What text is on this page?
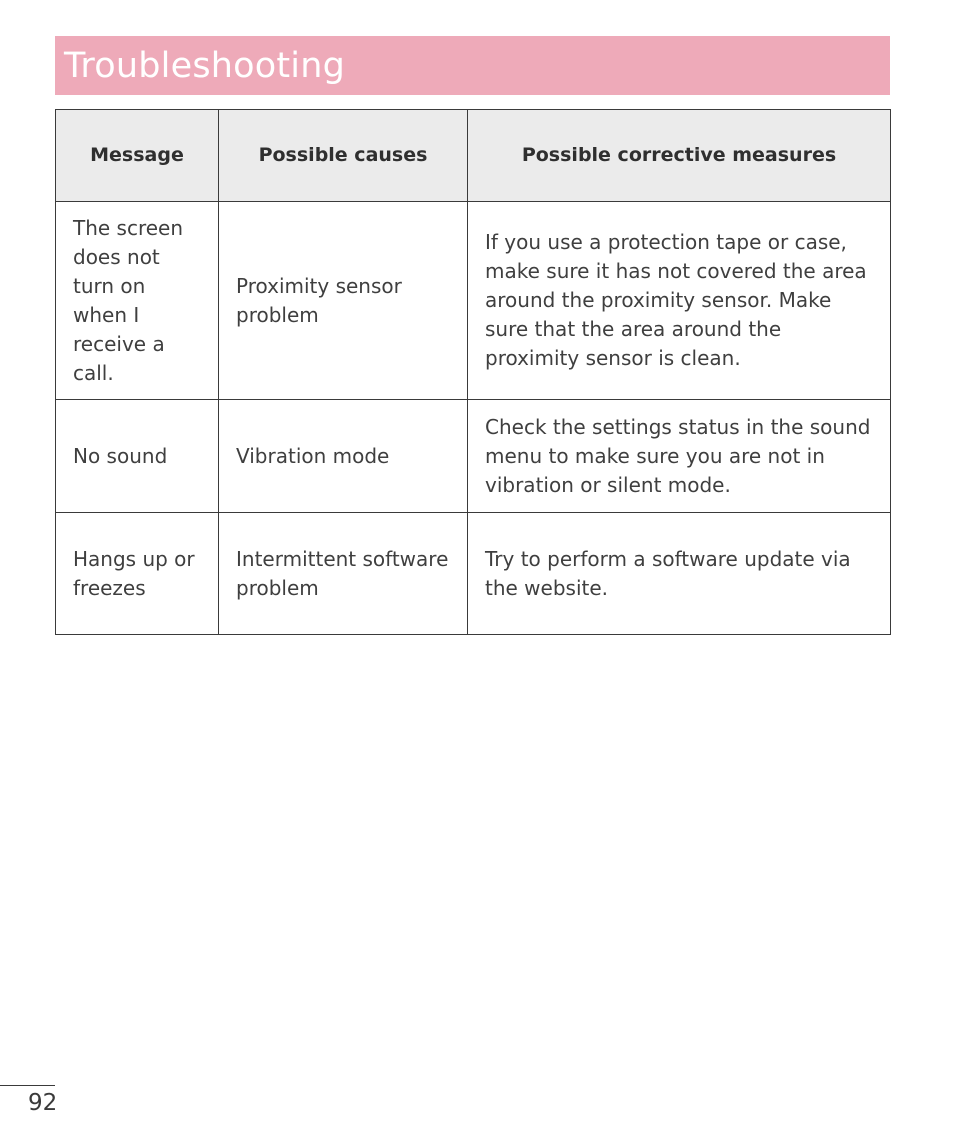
Troubleshooting
Message	Possible causes	Possible corrective measures
The screen does not turn on when I receive a call.	Proximity sensor problem	If you use a protection tape or case, make sure it has not covered the area around the proximity sensor. Make sure that the area around the proximity sensor is clean.
No sound	Vibration mode	Check the settings status in the sound menu to make sure you are not in vibration or silent mode.
Hangs up or freezes	Intermittent software problem	Try to perform a software update via the website.
92
